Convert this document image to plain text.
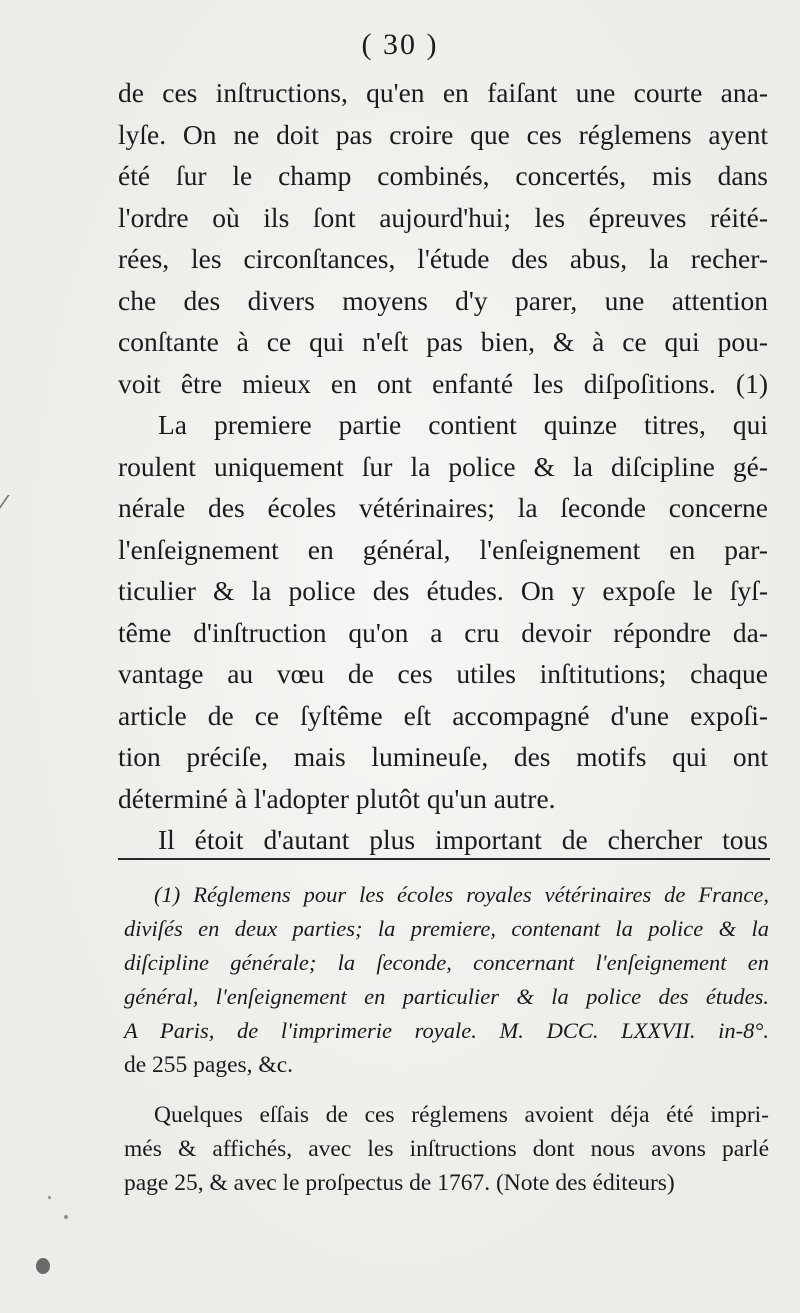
( 30 )
de ces inſtructions, qu'en en faiſant une courte ana-
lyſe. On ne doit pas croire que ces réglemens ayent
été ſur le champ combinés, concertés, mis dans
l'ordre où ils ſont aujourd'hui; les épreuves réité-
rées, les circonſtances, l'étude des abus, la recher-
che des divers moyens d'y parer, une attention
conſtante à ce qui n'eſt pas bien, & à ce qui pou-
voit être mieux en ont enfanté les diſpoſitions. (1)
La premiere partie contient quinze titres, qui
roulent uniquement ſur la police & la diſcipline gé-
nérale des écoles vétérinaires; la ſeconde concerne
l'enſeignement en général, l'enſeignement en par-
ticulier & la police des études. On y expoſe le ſyſ-
tême d'inſtruction qu'on a cru devoir répondre da-
vantage au vœu de ces utiles inſtitutions; chaque
article de ce ſyſtême eſt accompagné d'une expoſi-
tion préciſe, mais lumineuſe, des motifs qui ont
déterminé à l'adopter plutôt qu'un autre.
Il étoit d'autant plus important de chercher tous
(1) Réglemens pour les écoles royales vétérinaires de France,
diviſés en deux parties; la premiere, contenant la police & la
diſcipline générale; la ſeconde, concernant l'enſeignement en
général, l'enſeignement en particulier & la police des études.
A Paris, de l'imprimerie royale. M. DCC. LXXVII. in-8°.
de 255 pages, &c.
Quelques eſſais de ces réglemens avoient déja été impri-
més & affichés, avec les inſtructions dont nous avons parlé
page 25, & avec le proſpectus de 1767. (Note des éditeurs)
